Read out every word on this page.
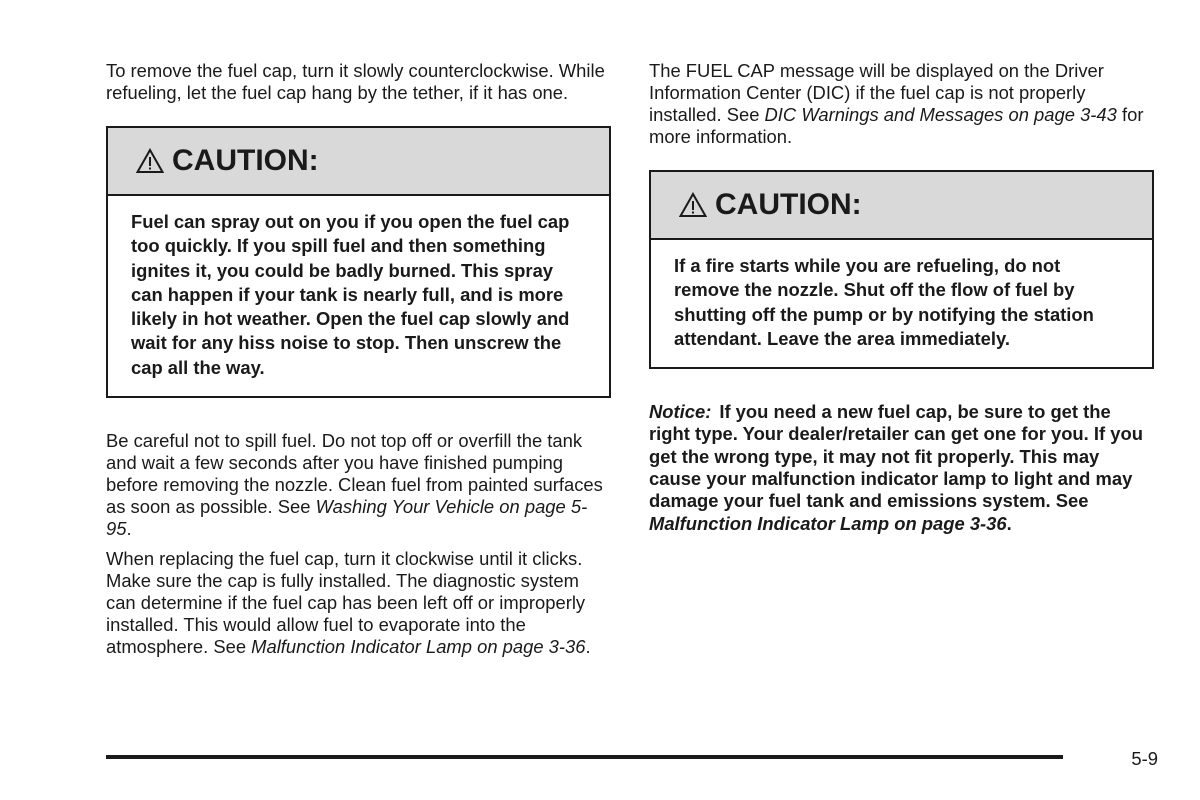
To remove the fuel cap, turn it slowly counterclockwise. While refueling, let the fuel cap hang by the tether, if it has one.

CAUTION:
Fuel can spray out on you if you open the fuel cap too quickly. If you spill fuel and then something ignites it, you could be badly burned. This spray can happen if your tank is nearly full, and is more likely in hot weather. Open the fuel cap slowly and wait for any hiss noise to stop. Then unscrew the cap all the way.

Be careful not to spill fuel. Do not top off or overfill the tank and wait a few seconds after you have finished pumping before removing the nozzle. Clean fuel from painted surfaces as soon as possible. See Washing Your Vehicle on page 5-95.

When replacing the fuel cap, turn it clockwise until it clicks. Make sure the cap is fully installed. The diagnostic system can determine if the fuel cap has been left off or improperly installed. This would allow fuel to evaporate into the atmosphere. See Malfunction Indicator Lamp on page 3-36.

The FUEL CAP message will be displayed on the Driver Information Center (DIC) if the fuel cap is not properly installed. See DIC Warnings and Messages on page 3-43 for more information.

CAUTION:
If a fire starts while you are refueling, do not remove the nozzle. Shut off the flow of fuel by shutting off the pump or by notifying the station attendant. Leave the area immediately.

Notice: If you need a new fuel cap, be sure to get the right type. Your dealer/retailer can get one for you. If you get the wrong type, it may not fit properly. This may cause your malfunction indicator lamp to light and may damage your fuel tank and emissions system. See Malfunction Indicator Lamp on page 3-36.

5-9
